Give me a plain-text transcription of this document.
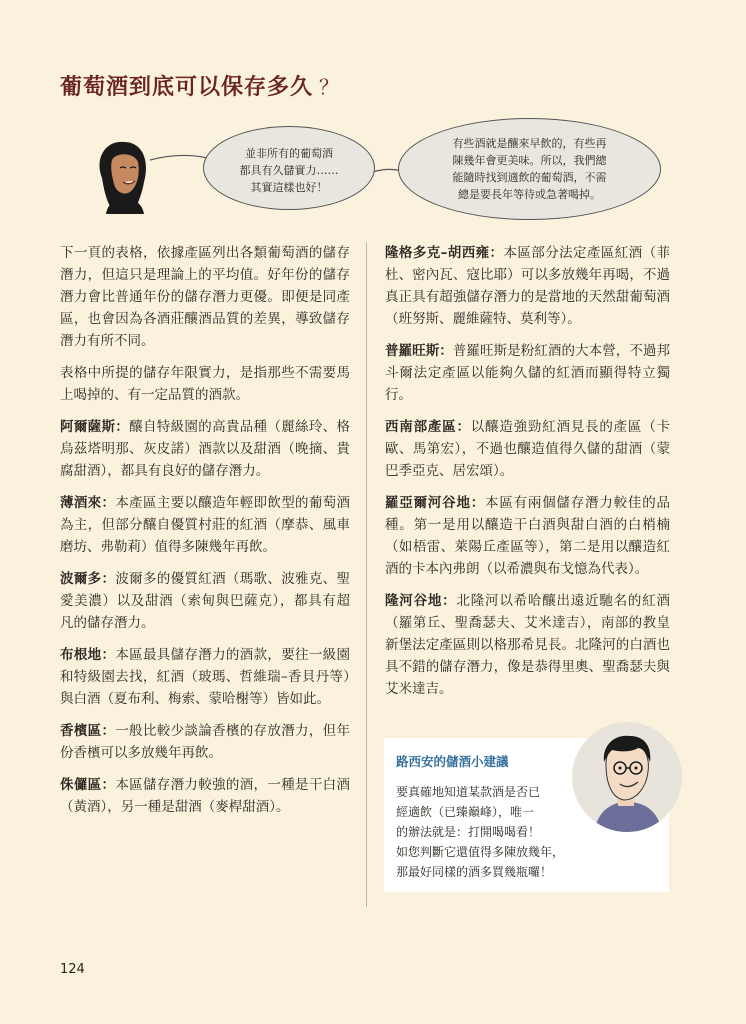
葡萄酒到底可以保存多久 ？
並非所有的葡萄酒
都具有久儲實力……
其實這樣也好！
有些酒就是釀來早飲的，有些再
陳幾年會更美味。所以，我們總
能隨時找到適飲的葡萄酒，不需
總是要長年等待或急著喝掉。

下一頁的表格，依據產區列出各類葡萄酒的儲存潛力，但這只是理論上的平均值。好年份的儲存潛力會比普通年份的儲存潛力更優。即便是同產區，也會因為各酒莊釀酒品質的差異，導致儲存潛力有所不同。

表格中所提的儲存年限實力，是指那些不需要馬上喝掉的、有一定品質的酒款。

阿爾薩斯：釀自特級園的高貴品種（麗絲玲、格烏茲塔明那、灰皮諾）酒款以及甜酒（晚摘、貴腐甜酒），都具有良好的儲存潛力。

薄酒來：本產區主要以釀造年輕即飲型的葡萄酒為主，但部分釀自優質村莊的紅酒（摩恭、風車磨坊、弗勒莉）值得多陳幾年再飲。

波爾多：波爾多的優質紅酒（瑪歌、波雅克、聖愛美濃）以及甜酒（索甸與巴薩克），都具有超凡的儲存潛力。

布根地：本區最具儲存潛力的酒款，要往一級園和特級園去找，紅酒（玻瑪、哲維瑞–香貝丹等）與白酒（夏布利、梅索、蒙哈榭等）皆如此。

香檳區：一般比較少談論香檳的存放潛力，但年份香檳可以多放幾年再飲。

侏儸區：本區儲存潛力較強的酒，一種是干白酒（黃酒），另一種是甜酒（麥桿甜酒）。

隆格多克–胡西雍：本區部分法定產區紅酒（菲杜、密內瓦、寇比耶）可以多放幾年再喝，不過真正具有超強儲存潛力的是當地的天然甜葡萄酒（班努斯、麗維薩特、莫利等）。

普羅旺斯：普羅旺斯是粉紅酒的大本營，不過邦斗爾法定產區以能夠久儲的紅酒而顯得特立獨行。

西南部產區：以釀造強勁紅酒見長的產區（卡歐、馬第宏），不過也釀造值得久儲的甜酒（蒙巴季亞克、居宏頌）。

羅亞爾河谷地：本區有兩個儲存潛力較佳的品種。第一是用以釀造干白酒與甜白酒的白梢楠（如梧雷、萊陽丘產區等），第二是用以釀造紅酒的卡本內弗朗（以希濃與布戈憶為代表）。

隆河谷地：北隆河以希哈釀出遠近馳名的紅酒（羅第丘、聖喬瑟夫、艾米達吉），南部的教皇新堡法定產區則以格那希見長。北隆河的白酒也具不錯的儲存潛力，像是恭得里奧、聖喬瑟夫與艾米達吉。

路西安的儲酒小建議
要真確地知道某款酒是否已
經適飲（已臻巔峰），唯一
的辦法就是：打開喝喝看！
如您判斷它還值得多陳放幾年，
那最好同樣的酒多買幾瓶囉！
124
